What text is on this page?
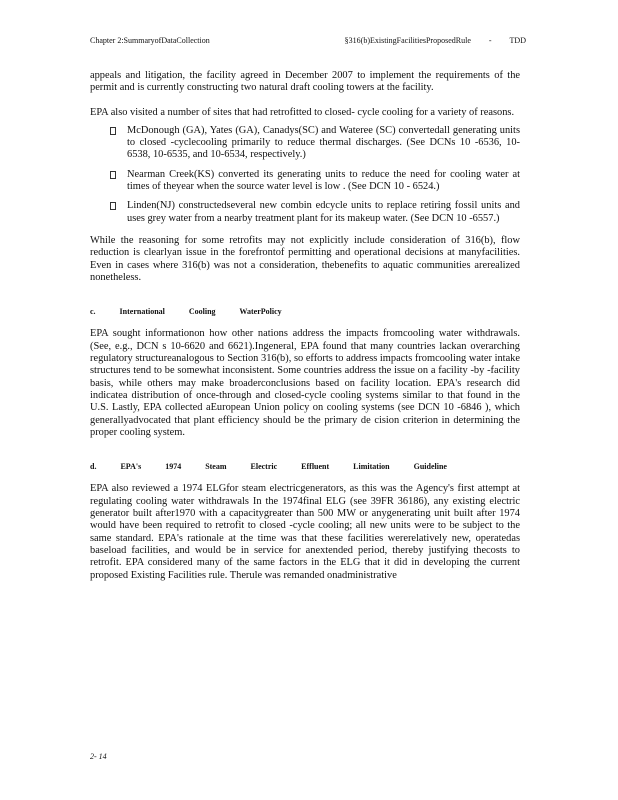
Chapter 2:SummaryofDataCollection	§316(b)ExistingFacilitiesProposedRule - TDD

appeals and litigation, the facility agreed in December 2007 to implement the requirements of the permit and is currently constructing two natural draft cooling towers at the facility.

EPA also visited a number of sites that had retrofitted to closed- cycle cooling for a variety of reasons.

McDonough (GA), Yates (GA), Canadys(SC) and Wateree (SC) convertedall generating units to closed -cyclecooling primarily to reduce thermal discharges. (See DCNs 10 -6536, 10-6538, 10-6535, and 10-6534, respectively.)
Nearman Creek(KS) converted its generating units to reduce the need for cooling water at times of theyear when the source water level is low . (See DCN 10 - 6524.)
Linden(NJ) constructedseveral new combin edcycle units to replace retiring fossil units and uses grey water from a nearby treatment plant for its makeup water. (See DCN 10 -6557.)

While the reasoning for some retrofits may not explicitly include consideration of 316(b), flow reduction is clearlyan issue in the forefrontof permitting and operational decisions at manyfacilities. Even in cases where 316(b) was not a consideration, thebenefits to aquatic communities arerealized nonetheless.

c. International Cooling WaterPolicy

EPA sought informationon how other nations address the impacts fromcooling water withdrawals. (See, e.g., DCN s 10-6620 and 6621).Ingeneral, EPA found that many countries lackan overarching regulatory structureanalogous to Section 316(b), so efforts to address impacts fromcooling water intake structures tend to be somewhat inconsistent. Some countries address the issue on a facility -by -facility basis, while others may make broaderconclusions based on facility location. EPA's research did indicatea distribution of once-through and closed-cycle cooling systems similar to that found in the U.S. Lastly, EPA collected aEuropean Union policy on cooling systems (see DCN 10 -6846 ), which generallyadvocated that plant efficiency should be the primary de cision criterion in determining the proper cooling system.

d. EPA's 1974 Steam Electric Effluent Limitation Guideline

EPA also reviewed a 1974 ELGfor steam electricgenerators, as this was the Agency's first attempt at regulating cooling water withdrawals In the 1974final ELG (see 39FR 36186), any existing electric generator built after1970 with a capacitygreater than 500 MW or anygenerating unit built after 1974 would have been required to retrofit to closed -cycle cooling; all new units were to be subject to the same standard. EPA's rationale at the time was that these facilities wererelatively new, operatedas baseload facilities, and would be in service for anextended period, thereby justifying thecosts to retrofit. EPA considered many of the same factors in the ELG that it did in developing the current proposed Existing Facilities rule. Therule was remanded onadministrative

2- 14
